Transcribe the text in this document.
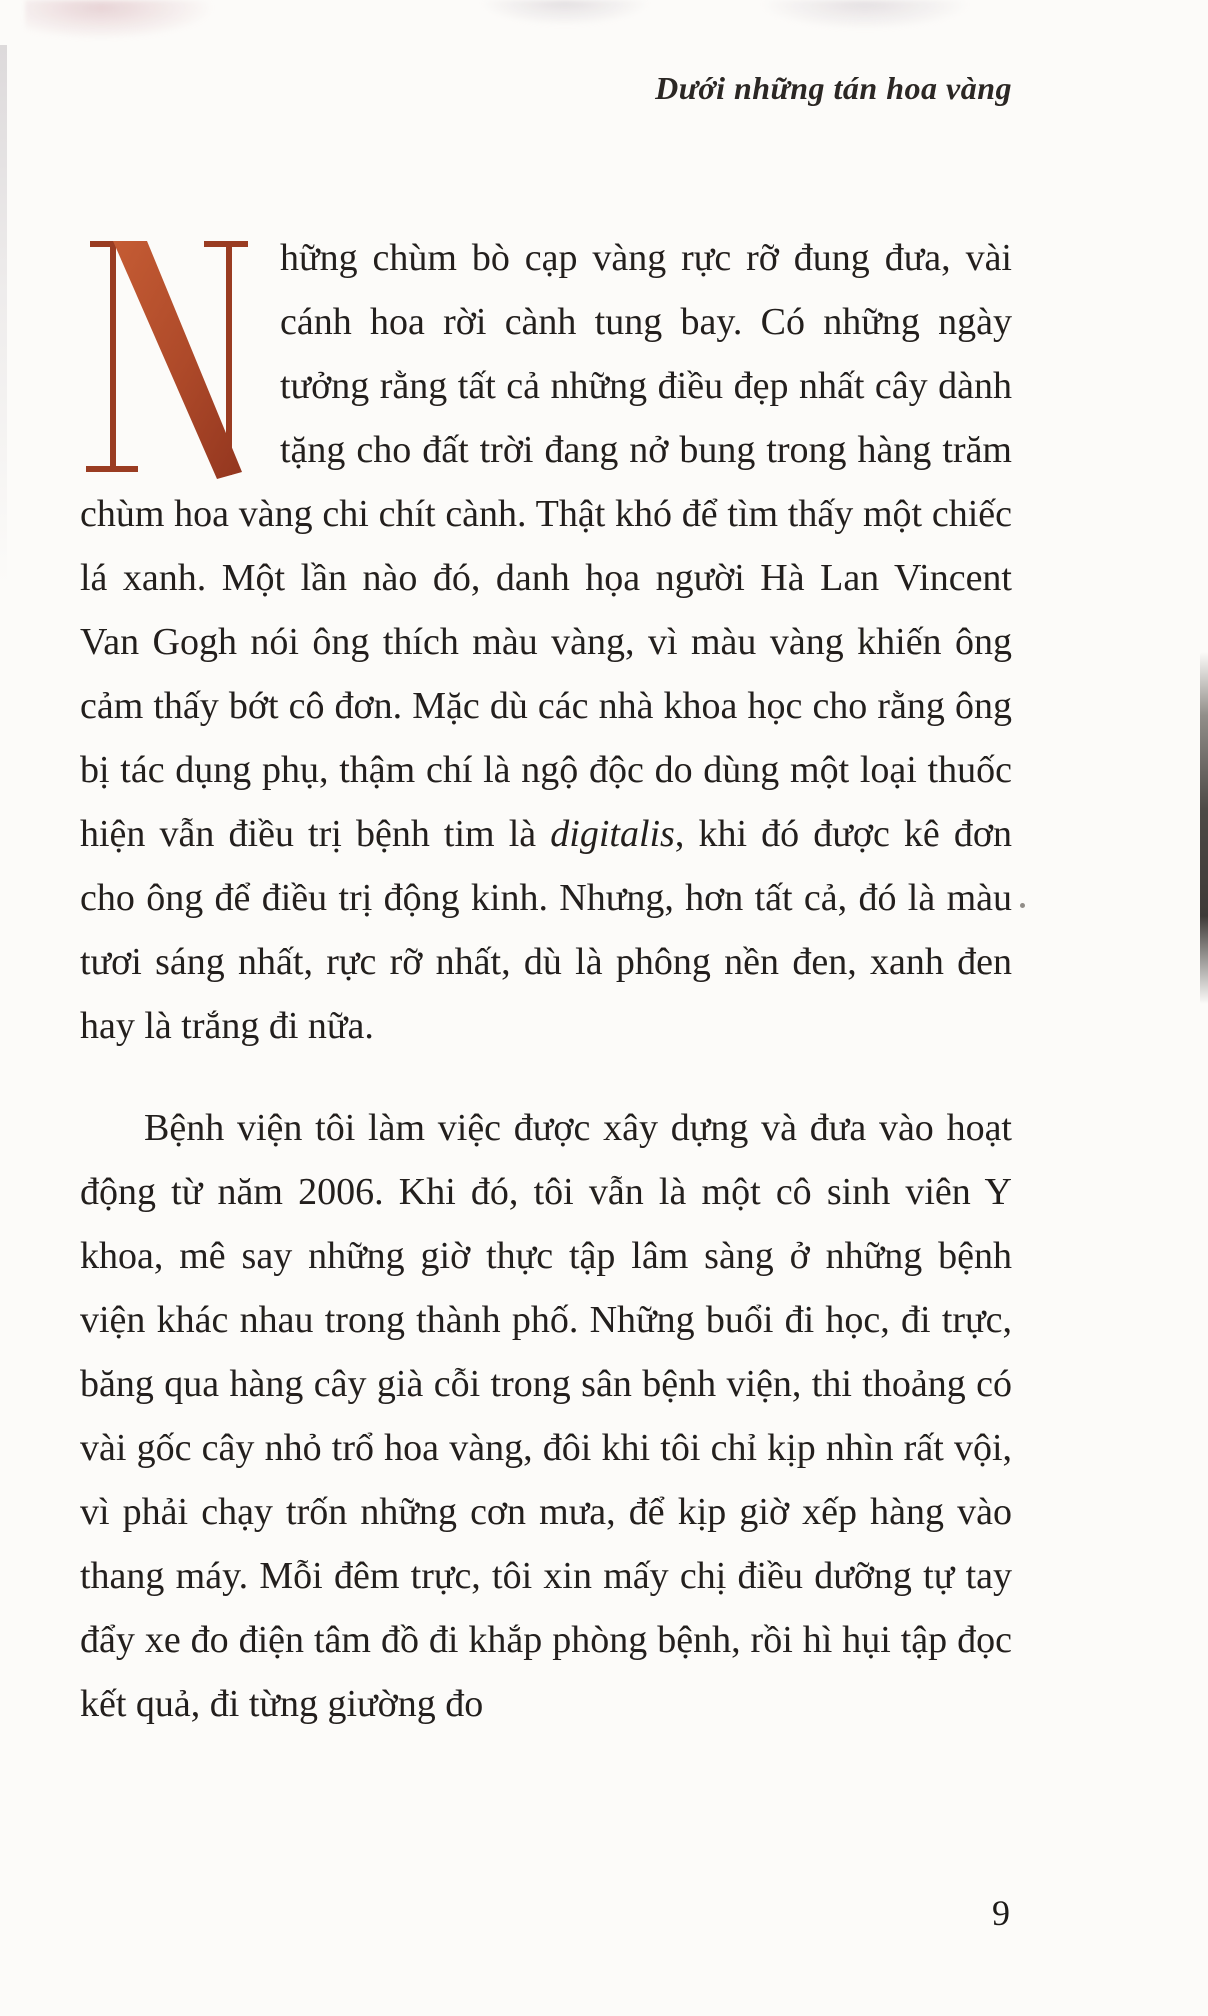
Dưới những tán hoa vàng

hững chùm bò cạp vàng rực rỡ đung đưa, vài cánh hoa rời cành tung bay. Có những ngày tưởng rằng tất cả những điều đẹp nhất cây dành tặng cho đất trời đang nở bung trong hàng trăm chùm hoa vàng chi chít cành. Thật khó để tìm thấy một chiếc lá xanh. Một lần nào đó, danh họa người Hà Lan Vincent Van Gogh nói ông thích màu vàng, vì màu vàng khiến ông cảm thấy bớt cô đơn. Mặc dù các nhà khoa học cho rằng ông bị tác dụng phụ, thậm chí là ngộ độc do dùng một loại thuốc hiện vẫn điều trị bệnh tim là digitalis, khi đó được kê đơn cho ông để điều trị động kinh. Nhưng, hơn tất cả, đó là màu tươi sáng nhất, rực rỡ nhất, dù là phông nền đen, xanh đen hay là trắng đi nữa.

Bệnh viện tôi làm việc được xây dựng và đưa vào hoạt động từ năm 2006. Khi đó, tôi vẫn là một cô sinh viên Y khoa, mê say những giờ thực tập lâm sàng ở những bệnh viện khác nhau trong thành phố. Những buổi đi học, đi trực, băng qua hàng cây già cỗi trong sân bệnh viện, thi thoảng có vài gốc cây nhỏ trổ hoa vàng, đôi khi tôi chỉ kịp nhìn rất vội, vì phải chạy trốn những cơn mưa, để kịp giờ xếp hàng vào thang máy. Mỗi đêm trực, tôi xin mấy chị điều dưỡng tự tay đẩy xe đo điện tâm đồ đi khắp phòng bệnh, rồi hì hụi tập đọc kết quả, đi từng giường đo

9
